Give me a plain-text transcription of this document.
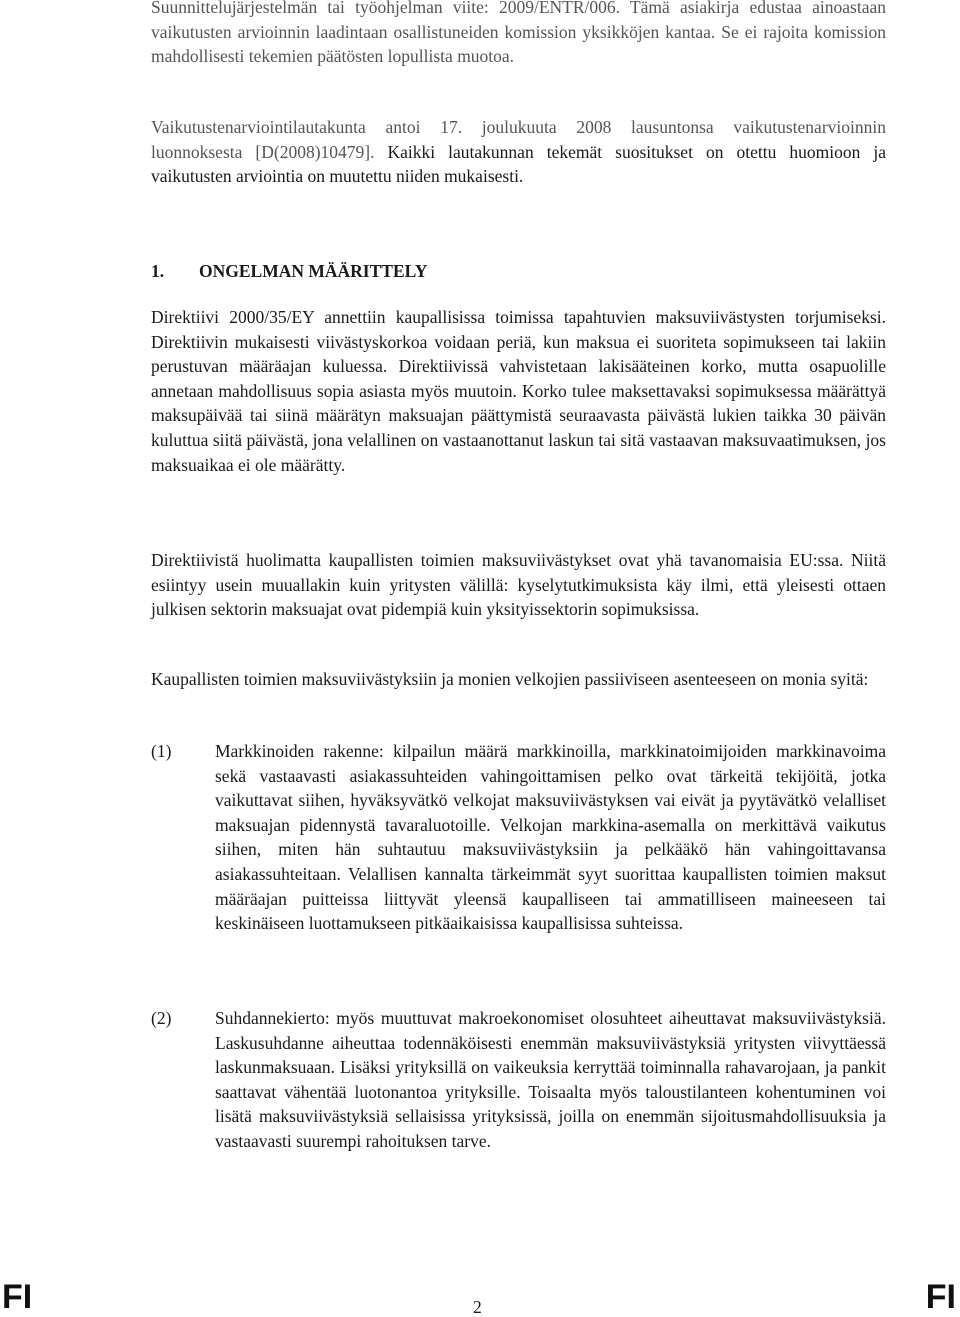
Suunnittelujärjestelmän tai työohjelman viite: 2009/ENTR/006. Tämä asiakirja edustaa ainoastaan vaikutusten arvioinnin laadintaan osallistuneiden komission yksikköjen kantaa. Se ei rajoita komission mahdollisesti tekemien päätösten lopullista muotoa.

Vaikutustenarviointilautakunta antoi 17. joulukuuta 2008 lausuntonsa vaikutustenarvioinnin luonnoksesta [D(2008)10479]. Kaikki lautakunnan tekemät suositukset on otettu huomioon ja vaikutusten arviointia on muutettu niiden mukaisesti.

1. ONGELMAN MÄÄRITTELY

Direktiivi 2000/35/EY annettiin kaupallisissa toimissa tapahtuvien maksuviivästysten torjumiseksi. Direktiivin mukaisesti viivästyskorkoa voidaan periä, kun maksua ei suoriteta sopimukseen tai lakiin perustuvan määräajan kuluessa. Direktiivissä vahvistetaan lakisääteinen korko, mutta osapuolille annetaan mahdollisuus sopia asiasta myös muutoin. Korko tulee maksettavaksi sopimuksessa määrättyä maksupäivää tai siinä määrätyn maksuajan päättymistä seuraavasta päivästä lukien taikka 30 päivän kuluttua siitä päivästä, jona velallinen on vastaanottanut laskun tai sitä vastaavan maksuvaatimuksen, jos maksuaikaa ei ole määrätty.

Direktiivistä huolimatta kaupallisten toimien maksuviivästykset ovat yhä tavanomaisia EU:ssa. Niitä esiintyy usein muuallakin kuin yritysten välillä: kyselytutkimuksista käy ilmi, että yleisesti ottaen julkisen sektorin maksuajat ovat pidempiä kuin yksityissektorin sopimuksissa.

Kaupallisten toimien maksuviivästyksiin ja monien velkojien passiiviseen asenteeseen on monia syitä:

(1) Markkinoiden rakenne: kilpailun määrä markkinoilla, markkinatoimijoiden markkinavoima sekä vastaavasti asiakassuhteiden vahingoittamisen pelko ovat tärkeitä tekijöitä, jotka vaikuttavat siihen, hyväksyvätkö velkojat maksuviivästyksen vai eivät ja pyytävätkö velalliset maksuajan pidennystä tavaraluotoille. Velkojan markkina-asemalla on merkittävä vaikutus siihen, miten hän suhtautuu maksuviivästyksiin ja pelkääkö hän vahingoittavansa asiakassuhteitaan. Velallisen kannalta tärkeimmät syyt suorittaa kaupallisten toimien maksut määräajan puitteissa liittyvät yleensä kaupalliseen tai ammatilliseen maineeseen tai keskinäiseen luottamukseen pitkäaikaisissa kaupallisissa suhteissa.

(2) Suhdannekierto: myös muuttuvat makroekonomiset olosuhteet aiheuttavat maksuviivästyksiä. Laskusuhdanne aiheuttaa todennäköisesti enemmän maksuviivästyksiä yritysten viivyttäessä laskunmaksuaan. Lisäksi yrityksillä on vaikeuksia kerryttää toiminnalla rahavarojaan, ja pankit saattavat vähentää luotonantoa yrityksille. Toisaalta myös taloustilanteen kohentuminen voi lisätä maksuviivästyksiä sellaisissa yrityksissä, joilla on enemmän sijoitusmahdollisuuksia ja vastaavasti suurempi rahoituksen tarve.

FI	2	FI
